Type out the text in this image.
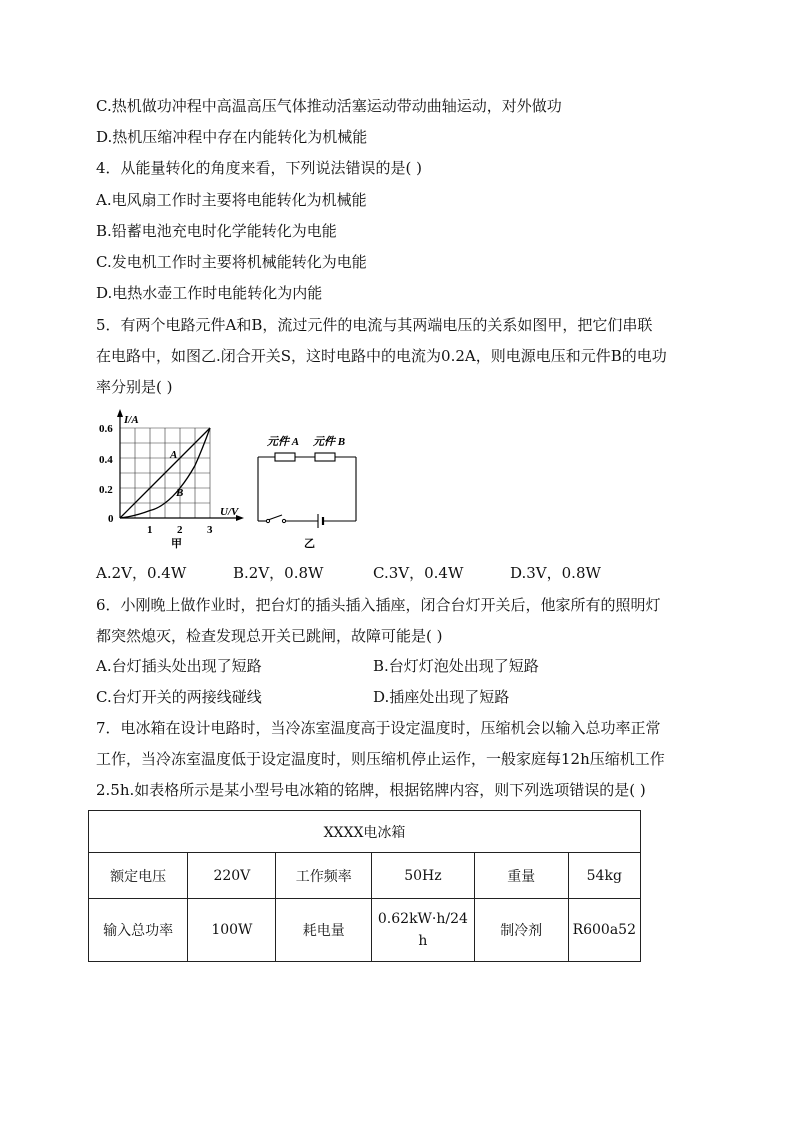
C.热机做功冲程中高温高压气体推动活塞运动带动曲轴运动，对外做功
D.热机压缩冲程中存在内能转化为机械能
4．从能量转化的角度来看，下列说法错误的是( )
A.电风扇工作时主要将电能转化为机械能
B.铅蓄电池充电时化学能转化为电能
C.发电机工作时主要将机械能转化为电能
D.电热水壶工作时电能转化为内能
5．有两个电路元件A和B，流过元件的电流与其两端电压的关系如图甲，把它们串联
在电路中，如图乙.闭合开关S，这时电路中的电流为0.2A，则电源电压和元件B的电功
率分别是( )
I/A
U/V
0.6
0.4
0.2
0
1 2 3
A
B
甲
元件 A 元件 B
乙
A.2V，0.4W	B.2V，0.8W	C.3V，0.4W	D.3V，0.8W
6．小刚晚上做作业时，把台灯的插头插入插座，闭合台灯开关后，他家所有的照明灯
都突然熄灭，检查发现总开关已跳闸，故障可能是( )
A.台灯插头处出现了短路	B.台灯灯泡处出现了短路
C.台灯开关的两接线碰线	D.插座处出现了短路
7．电冰箱在设计电路时，当冷冻室温度高于设定温度时，压缩机会以输入总功率正常
工作，当冷冻室温度低于设定温度时，则压缩机停止运作，一般家庭每12h压缩机工作
2.5h.如表格所示是某小型号电冰箱的铭牌，根据铭牌内容，则下列选项错误的是( )
XXXX电冰箱					
额定电压	220V	工作频率	50Hz	重量	54kg
输入总功率	100W	耗电量	0.62kW·h/24h	制冷剂	R600a52
